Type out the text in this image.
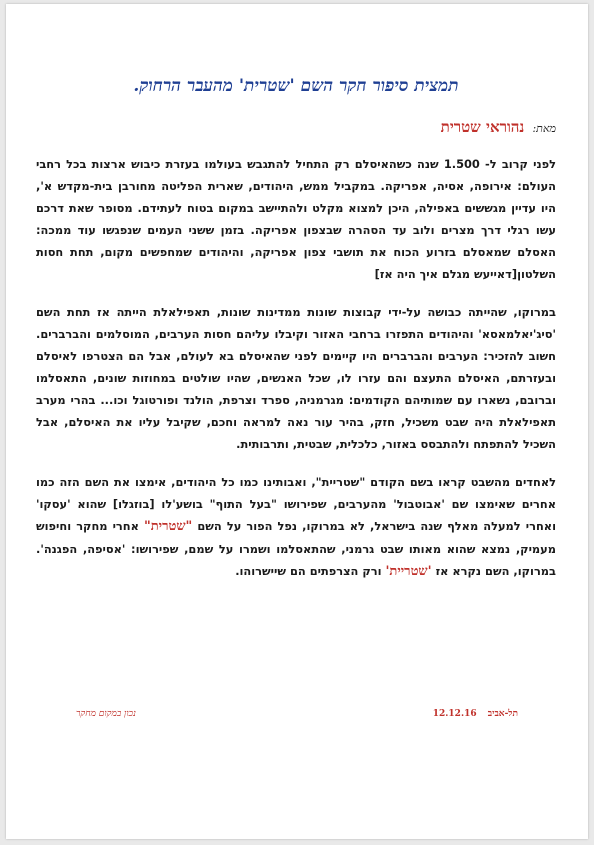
תמצית סיפור חקר השם 'שטרית' מהעבר הרחוק.
מאת: נהוראי שטרית

לפני קרוב ל- 1.500 שנה כשהאיסלם רק התחיל להתגבש בעולמו בעזרת כיבוש ארצות בכל רחבי העולם: אירופה, אסיה, אפריקה. במקביל ממש, היהודים, שארית הפליטה מחורבן בית-מקדש א', היו עדיין מגששים באפילה, היכן למצוא מקלט ולהתיישב במקום בטוח לעתידם. מסופר שאת דרכם עשו רגלי דרך מצרים ולוב עד הסהרה שבצפון אפריקה. בזמן ששני העמים שנפגשו עוד ממכה: האסלם שמאסלם בזרוע הכוח את תושבי צפון אפריקה, והיהודים שמחפשים מקום, תחת חסות השלטון[דאייעש מגלם איך היה אז]

במרוקו, שהייתה כבושה על-ידי קבוצות שונות ממדינות שונות, תאפילאלת הייתה אז תחת השם 'סיג'יאלמאסא' והיהודים התפזרו ברחבי האזור וקיבלו עליהם חסות הערבים, המוסלמים והברברים. חשוב להזכיר: הערבים והברברים היו קיימים לפני שהאיסלם בא לעולם, אבל הם הצטרפו לאיסלם ובעזרתם, האיסלם התעצם והם עזרו לו, שכל האנשים, שהיו שולטים במחוזות שונים, התאסלמו וברובם, נשארו עם שמותיהם הקודמים: מגרמניה, ספרד וצרפת, הולנד ופורטוגל וכו... בהרי מערב תאפילאלת היה שבט משכיל, חזק, בהיר עור נאה למראה וחכם, שקיבל עליו את האיסלם, אבל השכיל להתפתח ולהתבסס באזור, כלכלית, שבטית, ותרבותית.

לאחדים מהשבט קראו בשם הקודם "שטריית", ואבותינו כמו כל היהודים, אימצו את השם הזה כמו אחרים שאימצו שם 'אבוטבול' מהערבים, שפירושו "בעל התוף" בושע'לו [בוזגלו] שהוא 'עסקו' ואחרי למעלה מאלף שנה בישראל, לא במרוקו, נפל הפור על השם "שטרית" אחרי מחקר וחיפוש מעמיק, נמצא שהוא מאותו שבט גרמני, שהתאסלמו ושמרו על שמם, שפירושו: 'אסיפה, הפגנה'. במרוקו, השם נקרא אז 'שטריית' ורק הצרפתים הם שיישרוהו.

תל-אביב 12.12.16
נכון במקום מחקר
